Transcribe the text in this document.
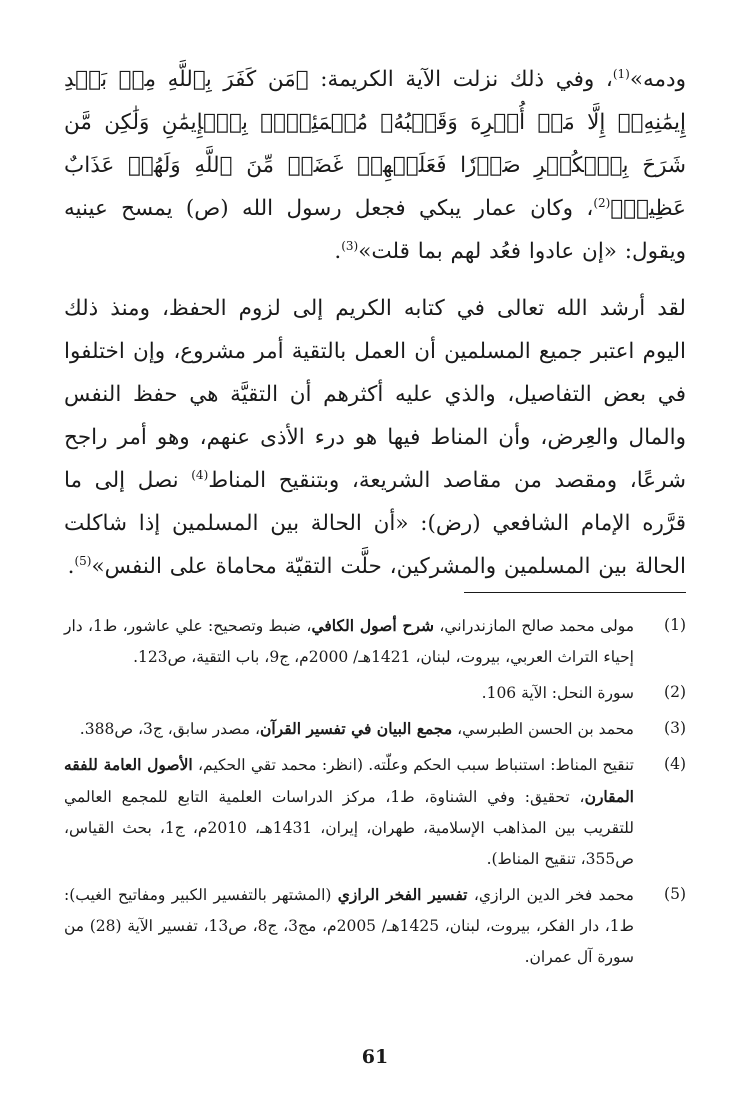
ودمه»$^{(1)}$، وفي ذلك نزلت الآية الكريمة: ﴿مَن كَفَرَ بِٱللَّهِ مِنۢ بَعۡدِ إِيمَٰنِهِۦٓ إِلَّا مَنۡ أُكۡرِهَ وَقَلۡبُهُۥ مُطۡمَئِنُّۢ بِٱلۡإِيمَٰنِ وَلَٰكِن مَّن شَرَحَ بِٱلۡكُفۡرِ صَدۡرٗا فَعَلَيۡهِمۡ غَضَبٞ مِّنَ ٱللَّهِ وَلَهُمۡ عَذَابٌ عَظِيمٞ﴾$^{(2)}$، وكان عمار يبكي فجعل رسول الله (ص) يمسح عينيه ويقول: «إن عادوا فعُد لهم بما قلت»$^{(3)}$.

لقد أرشد الله تعالى في كتابه الكريم إلى لزوم الحفظ، ومنذ ذلك اليوم اعتبر جميع المسلمين أن العمل بالتقية أمر مشروع، وإن اختلفوا في بعض التفاصيل، والذي عليه أكثرهم أن التقيَّة هي حفظ النفس والمال والعِرض، وأن المناط فيها هو درء الأذى عنهم، وهو أمر راجح شرعًا، ومقصد من مقاصد الشريعة، وبتنقيح المناط$^{(4)}$ نصل إلى ما قرَّره الإمام الشافعي (رض): «أن الحالة بين المسلمين إذا شاكلت الحالة بين المسلمين والمشركين، حلَّت التقيّة محاماة على النفس»$^{(5)}$.

(1)
مولى محمد صالح المازندراني، شرح أصول الكافي، ضبط وتصحيح: علي عاشور، ط1، دار إحياء التراث العربي، بيروت، لبنان، 1421هـ/ 2000م، ج9، باب التقية، ص123.
(2)
سورة النحل: الآية 106.
(3)
محمد بن الحسن الطبرسي، مجمع البيان في تفسير القرآن، مصدر سابق، ج3، ص388.
(4)
تنقيح المناط: استنباط سبب الحكم وعلّته. (انظر: محمد تقي الحكيم، الأصول العامة للفقه المقارن، تحقيق: وفي الشناوة، ط1، مركز الدراسات العلمية التابع للمجمع العالمي للتقريب بين المذاهب الإسلامية، طهران، إيران، 1431هـ، 2010م، ج1، بحث القياس، ص355، تنقيح المناط).
(5)
محمد فخر الدين الرازي، تفسير الفخر الرازي (المشتهر بالتفسير الكبير ومفاتيح الغيب): ط1، دار الفكر، بيروت، لبنان، 1425هـ/ 2005م، مج3، ج8، ص13، تفسير الآية (28) من سورة آل عمران.
61
